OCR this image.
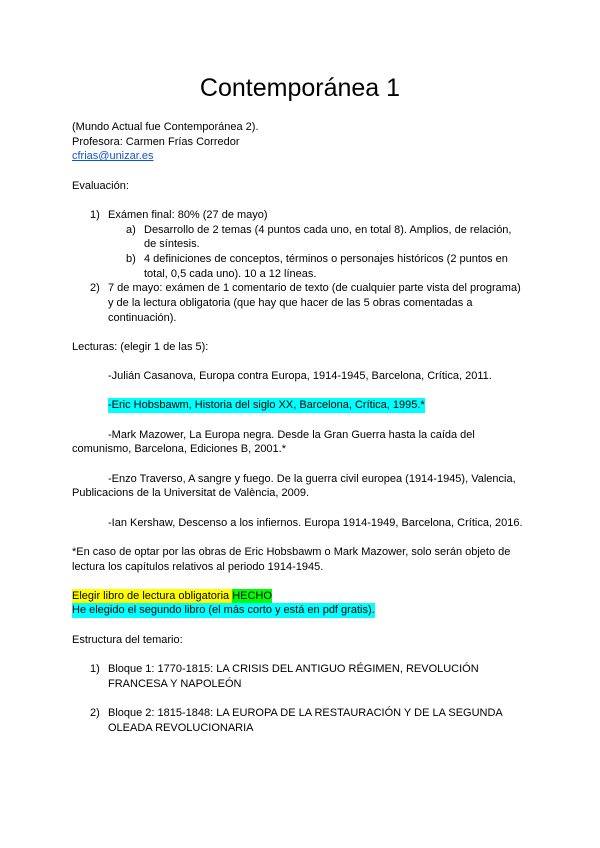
Contemporánea 1
(Mundo Actual fue Contemporánea 2).
Profesora: Carmen Frías Corredor
cfrias@unizar.es
Evaluación:
1) Exámen final: 80% (27 de mayo)
a) Desarrollo de 2 temas (4 puntos cada uno, en total 8). Amplios, de relación, de síntesis.
b) 4 definiciones de conceptos, términos o personajes históricos (2 puntos en total, 0,5 cada uno). 10 a 12 líneas.
2) 7 de mayo: exámen de 1 comentario de texto (de cualquier parte vista del programa) y de la lectura obligatoria (que hay que hacer de las 5 obras comentadas a continuación).
Lecturas: (elegir 1 de las 5):
-Julián Casanova, Europa contra Europa, 1914-1945, Barcelona, Crítica, 2011.
-Eric Hobsbawm, Historia del siglo XX, Barcelona, Crítica, 1995.*
-Mark Mazower, La Europa negra. Desde la Gran Guerra hasta la caída del comunismo, Barcelona, Ediciones B, 2001.*
-Enzo Traverso, A sangre y fuego. De la guerra civil europea (1914-1945), Valencia, Publicacions de la Universitat de València, 2009.
-Ian Kershaw, Descenso a los infiernos. Europa 1914-1949, Barcelona, Crítica, 2016.
*En caso de optar por las obras de Eric Hobsbawm o Mark Mazower, solo serán objeto de lectura los capítulos relativos al periodo 1914-1945.
Elegir libro de lectura obligatoria HECHO
He elegido el segundo libro (el más corto y está en pdf gratis).
Estructura del temario:
1) Bloque 1: 1770-1815: LA CRISIS DEL ANTIGUO RÉGIMEN, REVOLUCIÓN FRANCESA Y NAPOLEÓN
2) Bloque 2: 1815-1848: LA EUROPA DE LA RESTAURACIÓN Y DE LA SEGUNDA OLEADA REVOLUCIONARIA
